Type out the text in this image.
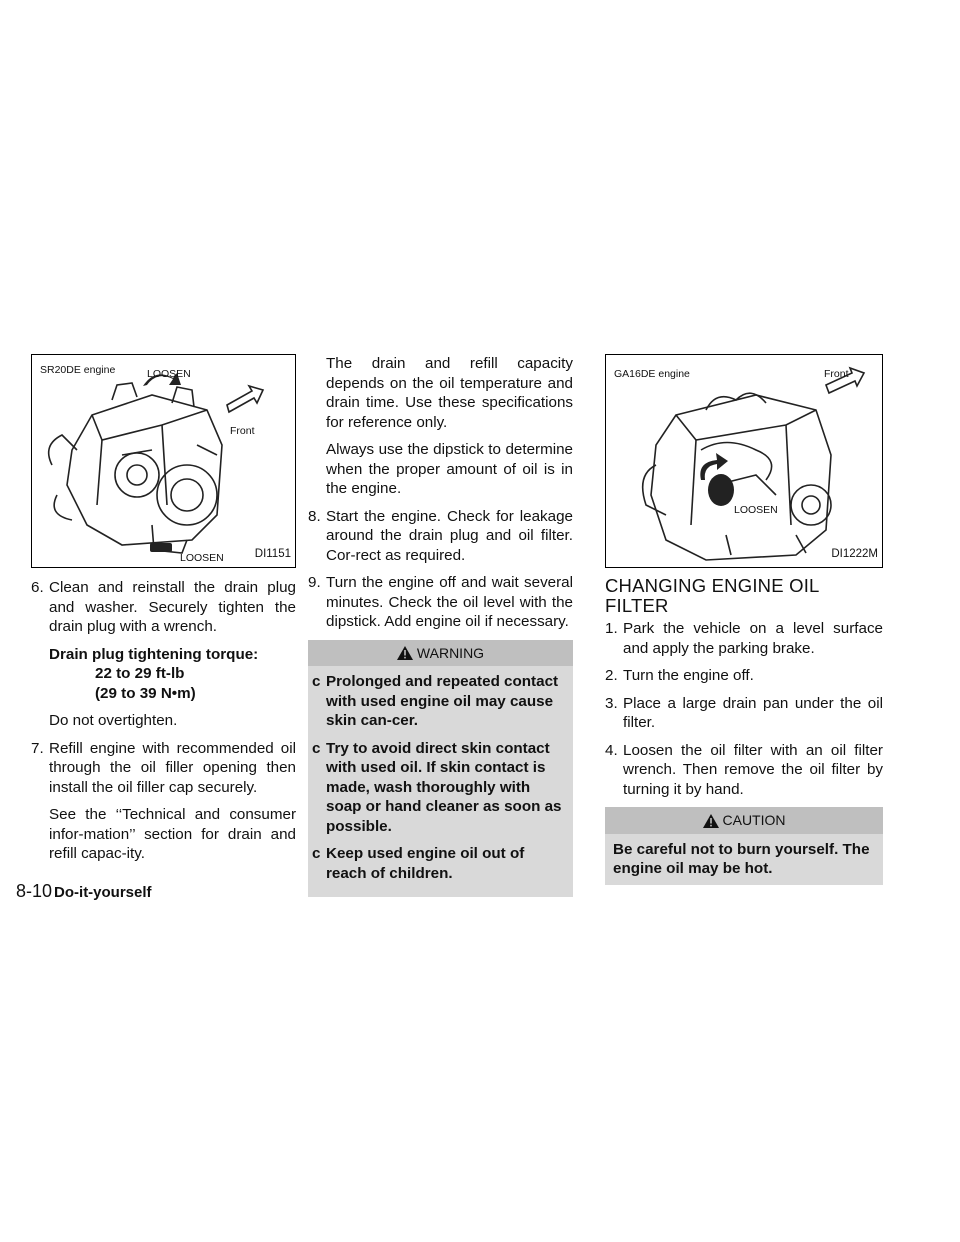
SR20DE engine	LOOSEN
Front
LOOSEN	DI1151
6. Clean and reinstall the drain plug and washer. Securely tighten the drain plug with a wrench.
Drain plug tightening torque:
22 to 29 ft-lb
(29 to 39 N•m)
Do not overtighten.
7. Refill engine with recommended oil through the oil filler opening then install the oil filler cap securely.
See the ‘‘Technical and consumer infor-mation’’ section for drain and refill capac-ity.
The drain and refill capacity depends on the oil temperature and drain time. Use these specifications for reference only.
Always use the dipstick to determine when the proper amount of oil is in the engine.
8. Start the engine. Check for leakage around the drain plug and oil filter. Cor-rect as required.
9. Turn the engine off and wait several minutes. Check the oil level with the dipstick. Add engine oil if necessary.
WARNING
c Prolonged and repeated contact with used engine oil may cause skin can-cer.
c Try to avoid direct skin contact with used oil. If skin contact is made, wash thoroughly with soap or hand cleaner as soon as possible.
c Keep used engine oil out of reach of children.
GA16DE engine	Front
LOOSEN
DI1222M
CHANGING ENGINE OIL FILTER
1. Park the vehicle on a level surface and apply the parking brake.
2. Turn the engine off.
3. Place a large drain pan under the oil filter.
4. Loosen the oil filter with an oil filter wrench. Then remove the oil filter by turning it by hand.
CAUTION
Be careful not to burn yourself. The engine oil may be hot.
8-10 Do-it-yourself
